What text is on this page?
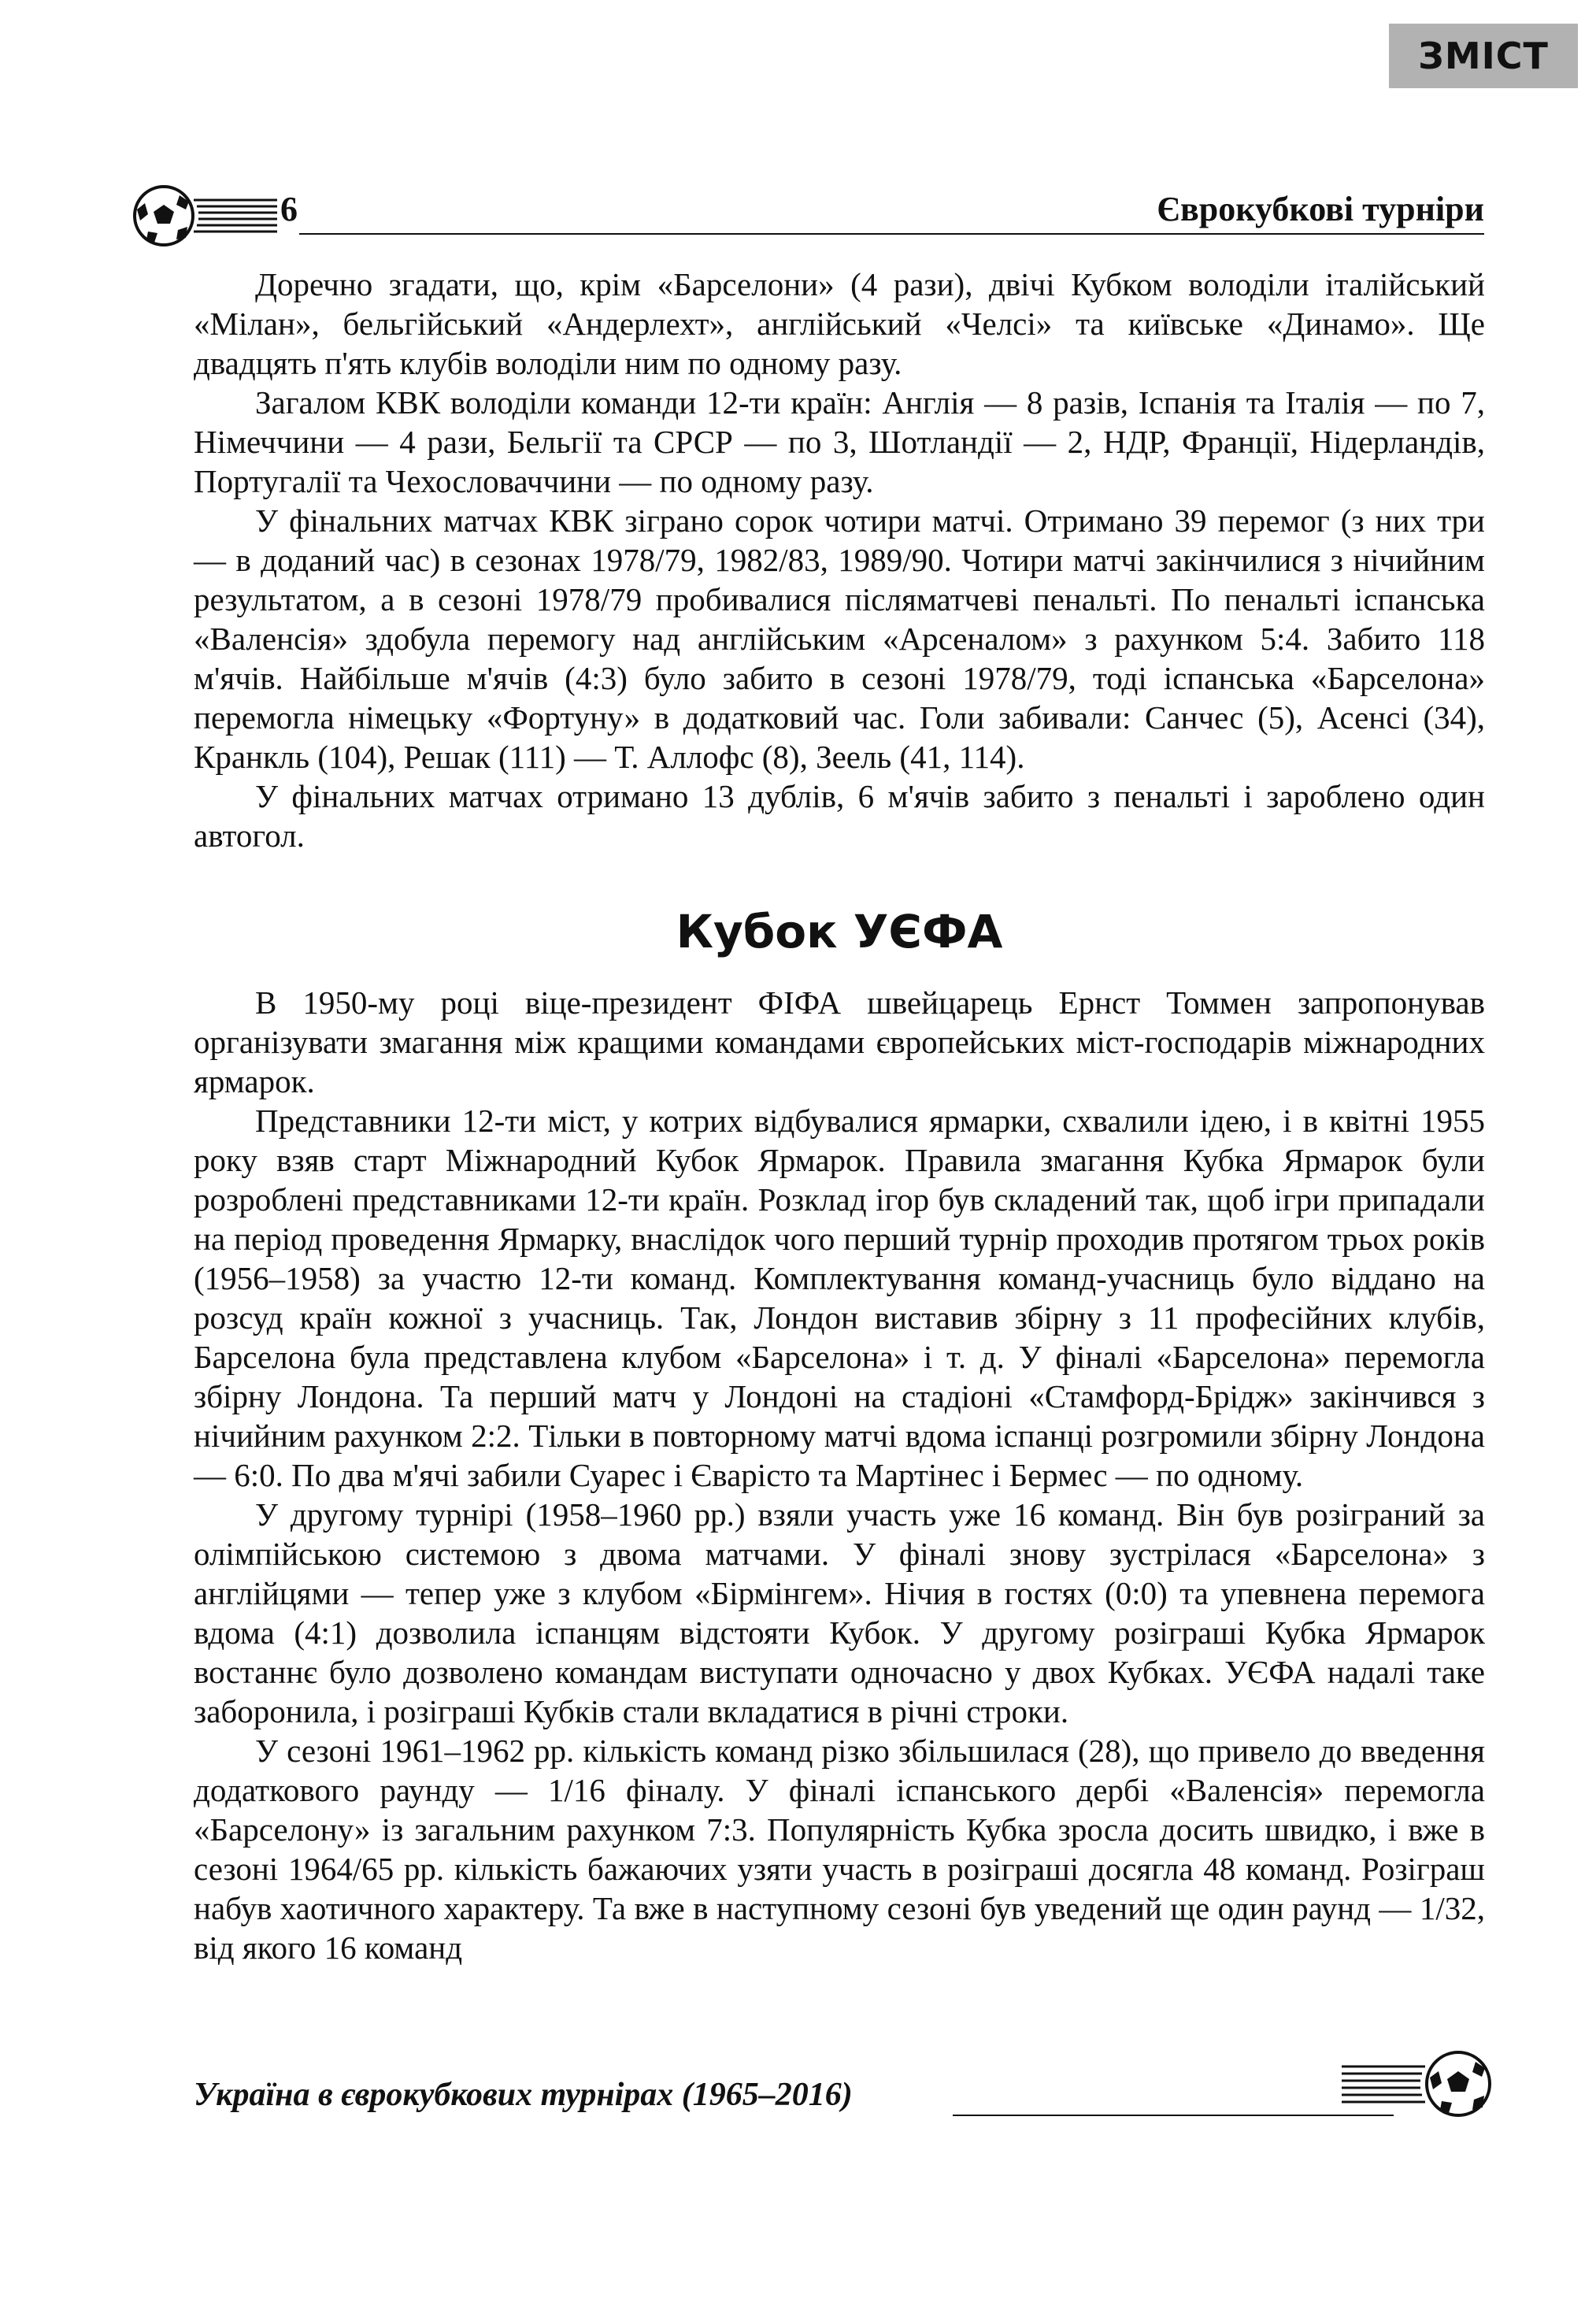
ЗМІСТ
6	Єврокубкові турніри

Доречно згадати, що, крім «Барселони» (4 рази), двічі Кубком володіли італійський «Мілан», бельгійський «Андерлехт», англійський «Челсі» та київське «Динамо». Ще двадцять п'ять клубів володіли ним по одному разу.

Загалом КВК володіли команди 12-ти країн: Англія — 8 разів, Іспанія та Італія — по 7, Німеччини — 4 рази, Бельгії та СРСР — по 3, Шотландії — 2, НДР, Франції, Нідерландів, Португалії та Чехословаччини — по одному разу.

У фінальних матчах КВК зіграно сорок чотири матчі. Отримано 39 перемог (з них три — в доданий час) в сезонах 1978/79, 1982/83, 1989/90. Чотири матчі закінчилися з нічийним результатом, а в сезоні 1978/79 пробивалися післяматчеві пенальті. По пенальті іспанська «Валенсія» здобула перемогу над англійським «Арсеналом» з рахунком 5:4. Забито 118 м'ячів. Найбільше м'ячів (4:3) було забито в сезоні 1978/79, тоді іспанська «Барселона» перемогла німецьку «Фортуну» в додатковий час. Голи забивали: Санчес (5), Асенсі (34), Кранкль (104), Решак (111) — Т. Аллофс (8), Зеель (41, 114).

У фінальних матчах отримано 13 дублів, 6 м'ячів забито з пенальті і зароблено один автогол.

Кубок УЄФА

В 1950-му році віце-президент ФІФА швейцарець Ернст Томмен запропонував організувати змагання між кращими командами європейських міст-господарів міжнародних ярмарок.

Представники 12-ти міст, у котрих відбувалися ярмарки, схвалили ідею, і в квітні 1955 року взяв старт Міжнародний Кубок Ярмарок. Правила змагання Кубка Ярмарок були розроблені представниками 12-ти країн. Розклад ігор був складений так, щоб ігри припадали на період проведення Ярмарку, внаслідок чого перший турнір проходив протягом трьох років (1956–1958) за участю 12-ти команд. Комплектування команд-учасниць було віддано на розсуд країн кожної з учасниць. Так, Лондон виставив збірну з 11 професійних клубів, Барселона була представлена клубом «Барселона» і т. д. У фіналі «Барселона» перемогла збірну Лондона. Та перший матч у Лондоні на стадіоні «Стамфорд-Брідж» закінчився з нічийним рахунком 2:2. Тільки в повторному матчі вдома іспанці розгромили збірну Лондона — 6:0. По два м'ячі забили Суарес і Єварісто та Мартінес і Бермес — по одному.

У другому турнірі (1958–1960 рр.) взяли участь уже 16 команд. Він був розіграний за олімпійською системою з двома матчами. У фіналі знову зустрілася «Барселона» з англійцями — тепер уже з клубом «Бірмінгем». Нічия в гостях (0:0) та упевнена перемога вдома (4:1) дозволила іспанцям відстояти Кубок. У другому розіграші Кубка Ярмарок востаннє було дозволено командам виступати одночасно у двох Кубках. УЄФА надалі таке заборонила, і розіграші Кубків стали вкладатися в річні строки.

У сезоні 1961–1962 рр. кількість команд різко збільшилася (28), що привело до введення додаткового раунду — 1/16 фіналу. У фіналі іспанського дербі «Валенсія» перемогла «Барселону» із загальним рахунком 7:3. Популярність Кубка зросла досить швидко, і вже в сезоні 1964/65 рр. кількість бажаючих узяти участь в розіграші досягла 48 команд. Розіграш набув хаотичного характеру. Та вже в наступному сезоні був уведений ще один раунд — 1/32, від якого 16 команд

Україна в єврокубкових турнірах (1965–2016)
